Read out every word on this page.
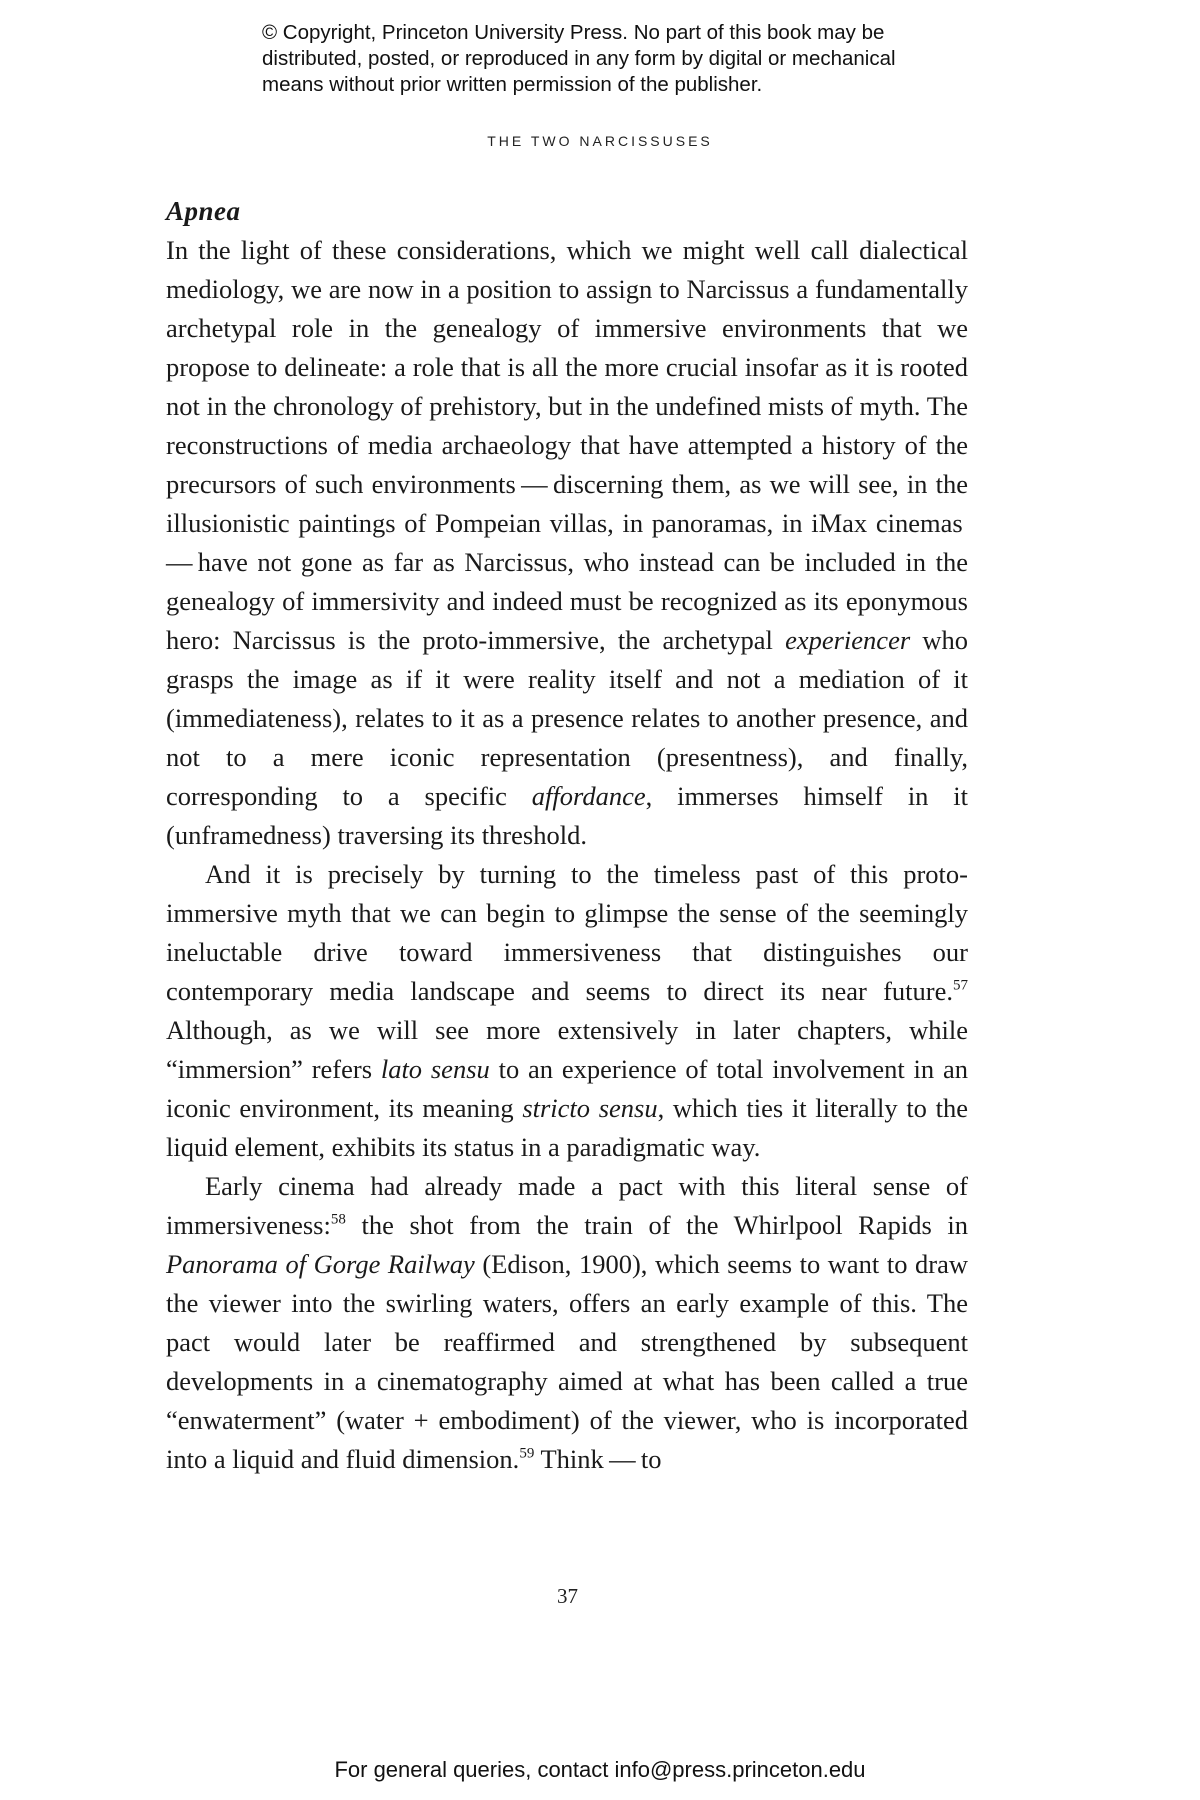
© Copyright, Princeton University Press. No part of this book may be

distributed, posted, or reproduced in any form by digital or mechanical

means without prior written permission of the publisher.

THE TWO NARCISSUSES
Apnea

In the light of these considerations, which we might well call dialectical mediology, we are now in a position to assign to Narcissus a fundamentally archetypal role in the genealogy of immersive environments that we propose to delineate: a role that is all the more crucial insofar as it is rooted not in the chronology of prehistory, but in the undefined mists of myth. The reconstructions of media archaeology that have attempted a history of the precursors of such environments — discerning them, as we will see, in the illusionistic paintings of Pompeian villas, in panoramas, in iMax cinemas — have not gone as far as Narcissus, who instead can be included in the genealogy of immersivity and indeed must be recognized as its eponymous hero: Narcissus is the proto-immersive, the archetypal experiencer who grasps the image as if it were reality itself and not a mediation of it (immediateness), relates to it as a presence relates to another presence, and not to a mere iconic representation (presentness), and finally, corresponding to a specific affordance, immerses himself in it (unframedness) traversing its threshold.

And it is precisely by turning to the timeless past of this proto-immersive myth that we can begin to glimpse the sense of the seemingly ineluctable drive toward immersiveness that distinguishes our contemporary media landscape and seems to direct its near future.$^{57}$ Although, as we will see more extensively in later chapters, while “immersion” refers lato sensu to an experience of total involvement in an iconic environment, its meaning stricto sensu, which ties it literally to the liquid element, exhibits its status in a paradigmatic way.

Early cinema had already made a pact with this literal sense of immersiveness:$^{58}$ the shot from the train of the Whirlpool Rapids in Panorama of Gorge Railway (Edison, 1900), which seems to want to draw the viewer into the swirling waters, offers an early example of this. The pact would later be reaffirmed and strengthened by subsequent developments in a cinematography aimed at what has been called a true “enwaterment” (water + embodiment) of the viewer, who is incorporated into a liquid and fluid dimension.$^{59}$ Think — to

37
For general queries, contact info@press.princeton.edu
